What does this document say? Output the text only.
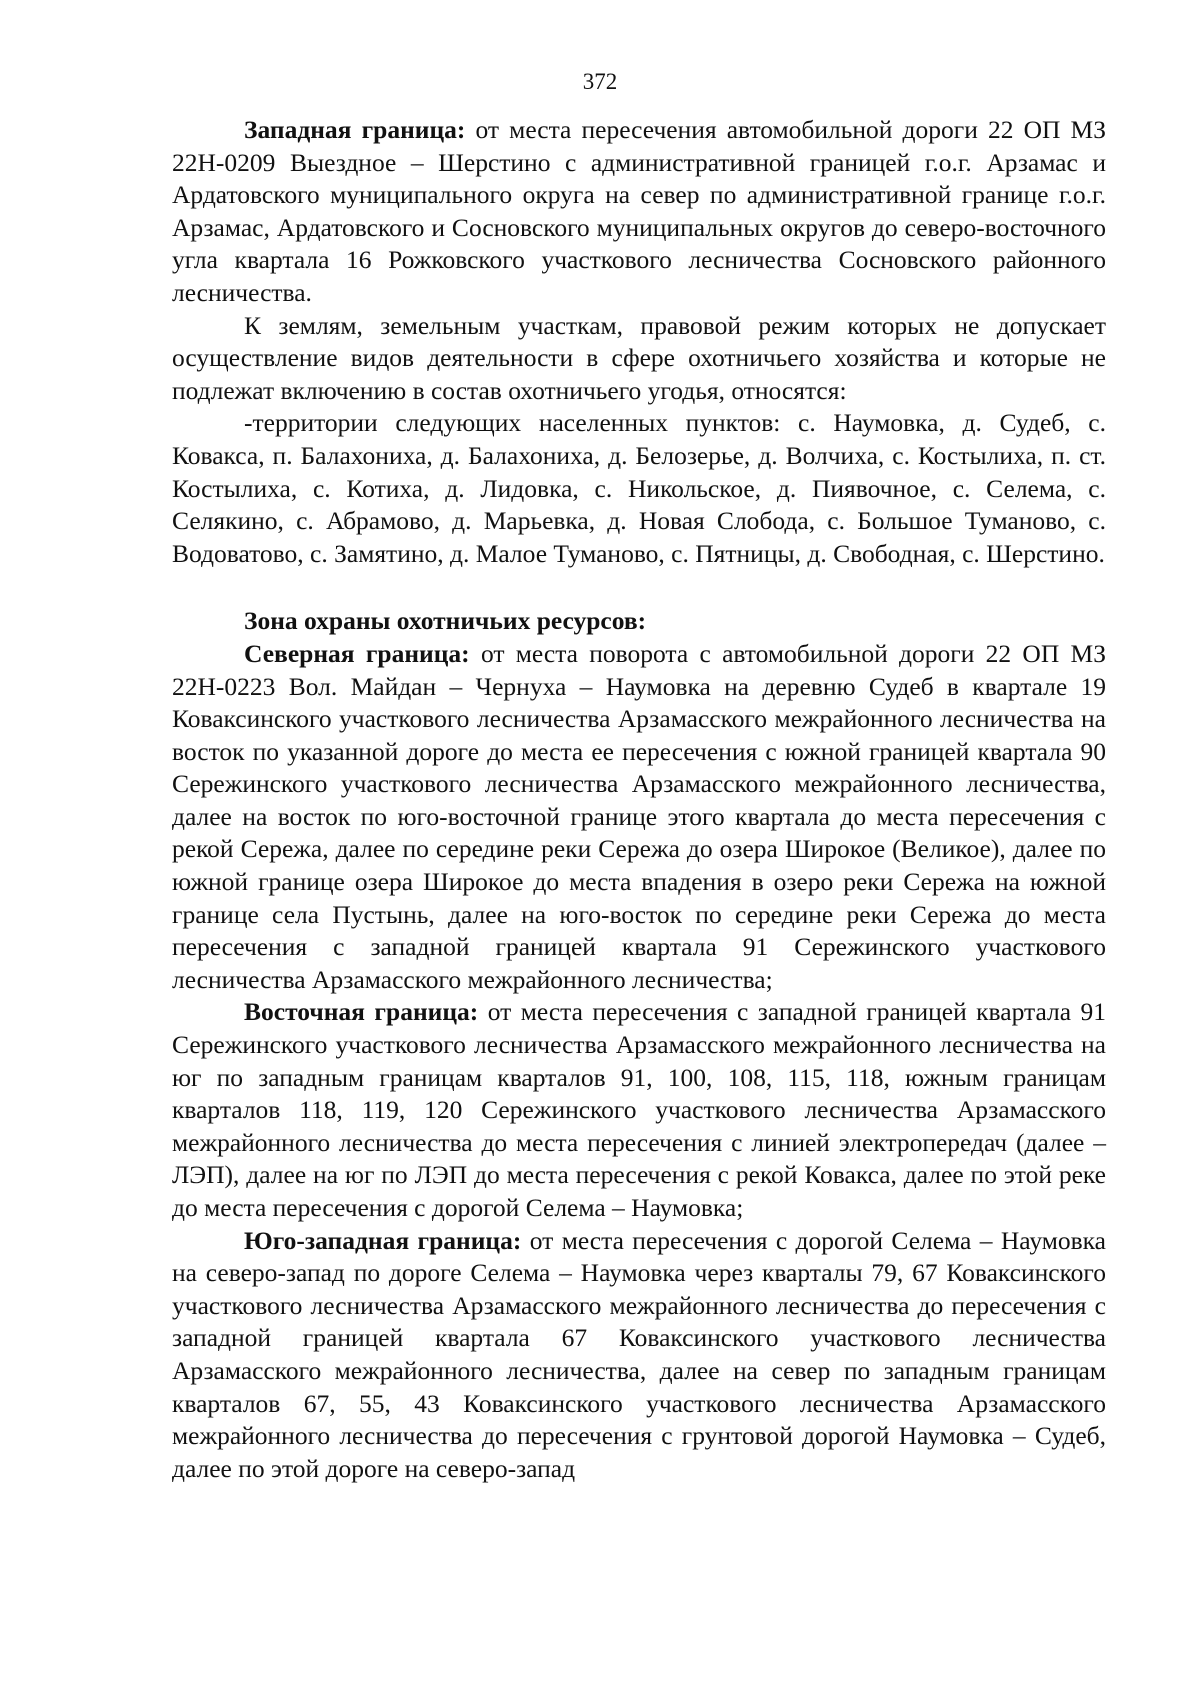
372

Западная граница: от места пересечения автомобильной дороги 22 ОП МЗ 22Н-0209 Выездное – Шерстино с административной границей г.о.г. Арзамас и Ардатовского муниципального округа на север по административной границе г.о.г. Арзамас, Ардатовского и Сосновского муниципальных округов до северо-восточного угла квартала 16 Рожковского участкового лесничества Сосновского районного лесничества.

К землям, земельным участкам, правовой режим которых не допускает осуществление видов деятельности в сфере охотничьего хозяйства и которые не подлежат включению в состав охотничьего угодья, относятся:

-территории следующих населенных пунктов: с. Наумовка, д. Судеб, с. Ковакса, п. Балахониха, д. Балахониха, д. Белозерье, д. Волчиха, с. Костылиха, п. ст. Костылиха, с. Котиха, д. Лидовка, с. Никольское, д. Пиявочное, с. Селема, с. Селякино, с. Абрамово, д. Марьевка, д. Новая Слобода, с. Большое Туманово, с. Водоватово, с. Замятино, д. Малое Туманово, с. Пятницы, д. Свободная, с. Шерстино.

Зона охраны охотничьих ресурсов:

Северная граница: от места поворота с автомобильной дороги 22 ОП МЗ 22Н-0223 Вол. Майдан – Чернуха – Наумовка на деревню Судеб в квартале 19 Коваксинского участкового лесничества Арзамасского межрайонного лесничества на восток по указанной дороге до места ее пересечения с южной границей квартала 90 Сережинского участкового лесничества Арзамасского межрайонного лесничества, далее на восток по юго-восточной границе этого квартала до места пересечения с рекой Сережа, далее по середине реки Сережа до озера Широкое (Великое), далее по южной границе озера Широкое до места впадения в озеро реки Сережа на южной границе села Пустынь, далее на юго-восток по середине реки Сережа до места пересечения с западной границей квартала 91 Сережинского участкового лесничества Арзамасского межрайонного лесничества;

Восточная граница: от места пересечения с западной границей квартала 91 Сережинского участкового лесничества Арзамасского межрайонного лесничества на юг по западным границам кварталов 91, 100, 108, 115, 118, южным границам кварталов 118, 119, 120 Сережинского участкового лесничества Арзамасского межрайонного лесничества до места пересечения с линией электропередач (далее – ЛЭП), далее на юг по ЛЭП до места пересечения с рекой Ковакса, далее по этой реке до места пересечения с дорогой Селема – Наумовка;

Юго-западная граница: от места пересечения с дорогой Селема – Наумовка на северо-запад по дороге Селема – Наумовка через кварталы 79, 67 Коваксинского участкового лесничества Арзамасского межрайонного лесничества до пересечения с западной границей квартала 67 Коваксинского участкового лесничества Арзамасского межрайонного лесничества, далее на север по западным границам кварталов 67, 55, 43 Коваксинского участкового лесничества Арзамасского межрайонного лесничества до пересечения с грунтовой дорогой Наумовка – Судеб, далее по этой дороге на северо-запад
